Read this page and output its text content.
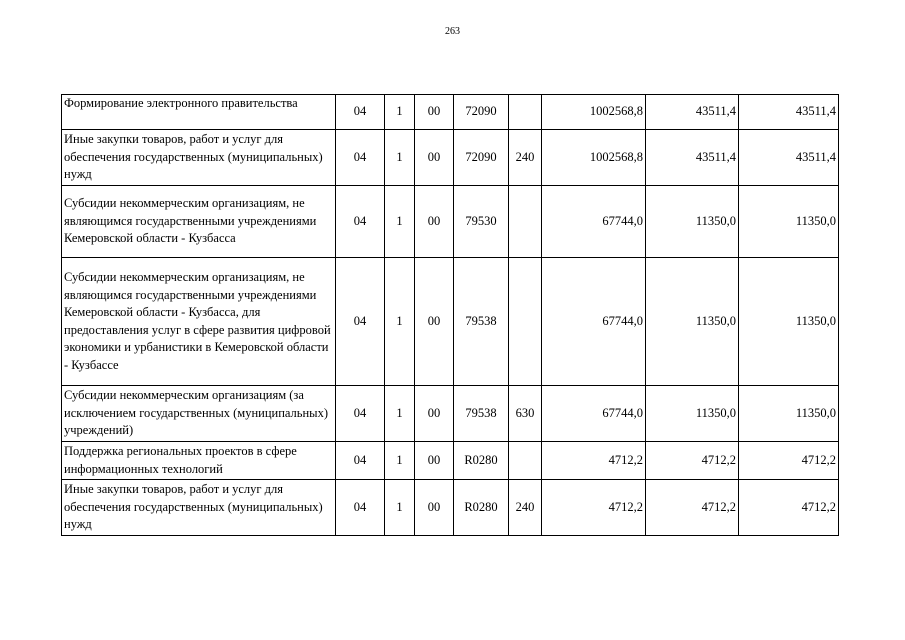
263
Формирование электронного правительства	04	1	00	72090		1002568,8	43511,4	43511,4
Иные закупки товаров, работ и услуг для обеспечения государственных (муниципальных) нужд	04	1	00	72090	240	1002568,8	43511,4	43511,4
Субсидии некоммерческим организациям, не являющимся государственными учреждениями Кемеровской области - Кузбасса	04	1	00	79530		67744,0	11350,0	11350,0
Субсидии некоммерческим организациям, не являющимся государственными учреждениями Кемеровской области - Кузбасса, для предоставления услуг в сфере развития цифровой экономики и урбанистики в Кемеровской области - Кузбассе	04	1	00	79538		67744,0	11350,0	11350,0
Субсидии некоммерческим организациям (за исключением государственных (муниципальных) учреждений)	04	1	00	79538	630	67744,0	11350,0	11350,0
Поддержка региональных проектов в сфере информационных технологий	04	1	00	R0280		4712,2	4712,2	4712,2
Иные закупки товаров, работ и услуг для обеспечения государственных (муниципальных) нужд	04	1	00	R0280	240	4712,2	4712,2	4712,2
